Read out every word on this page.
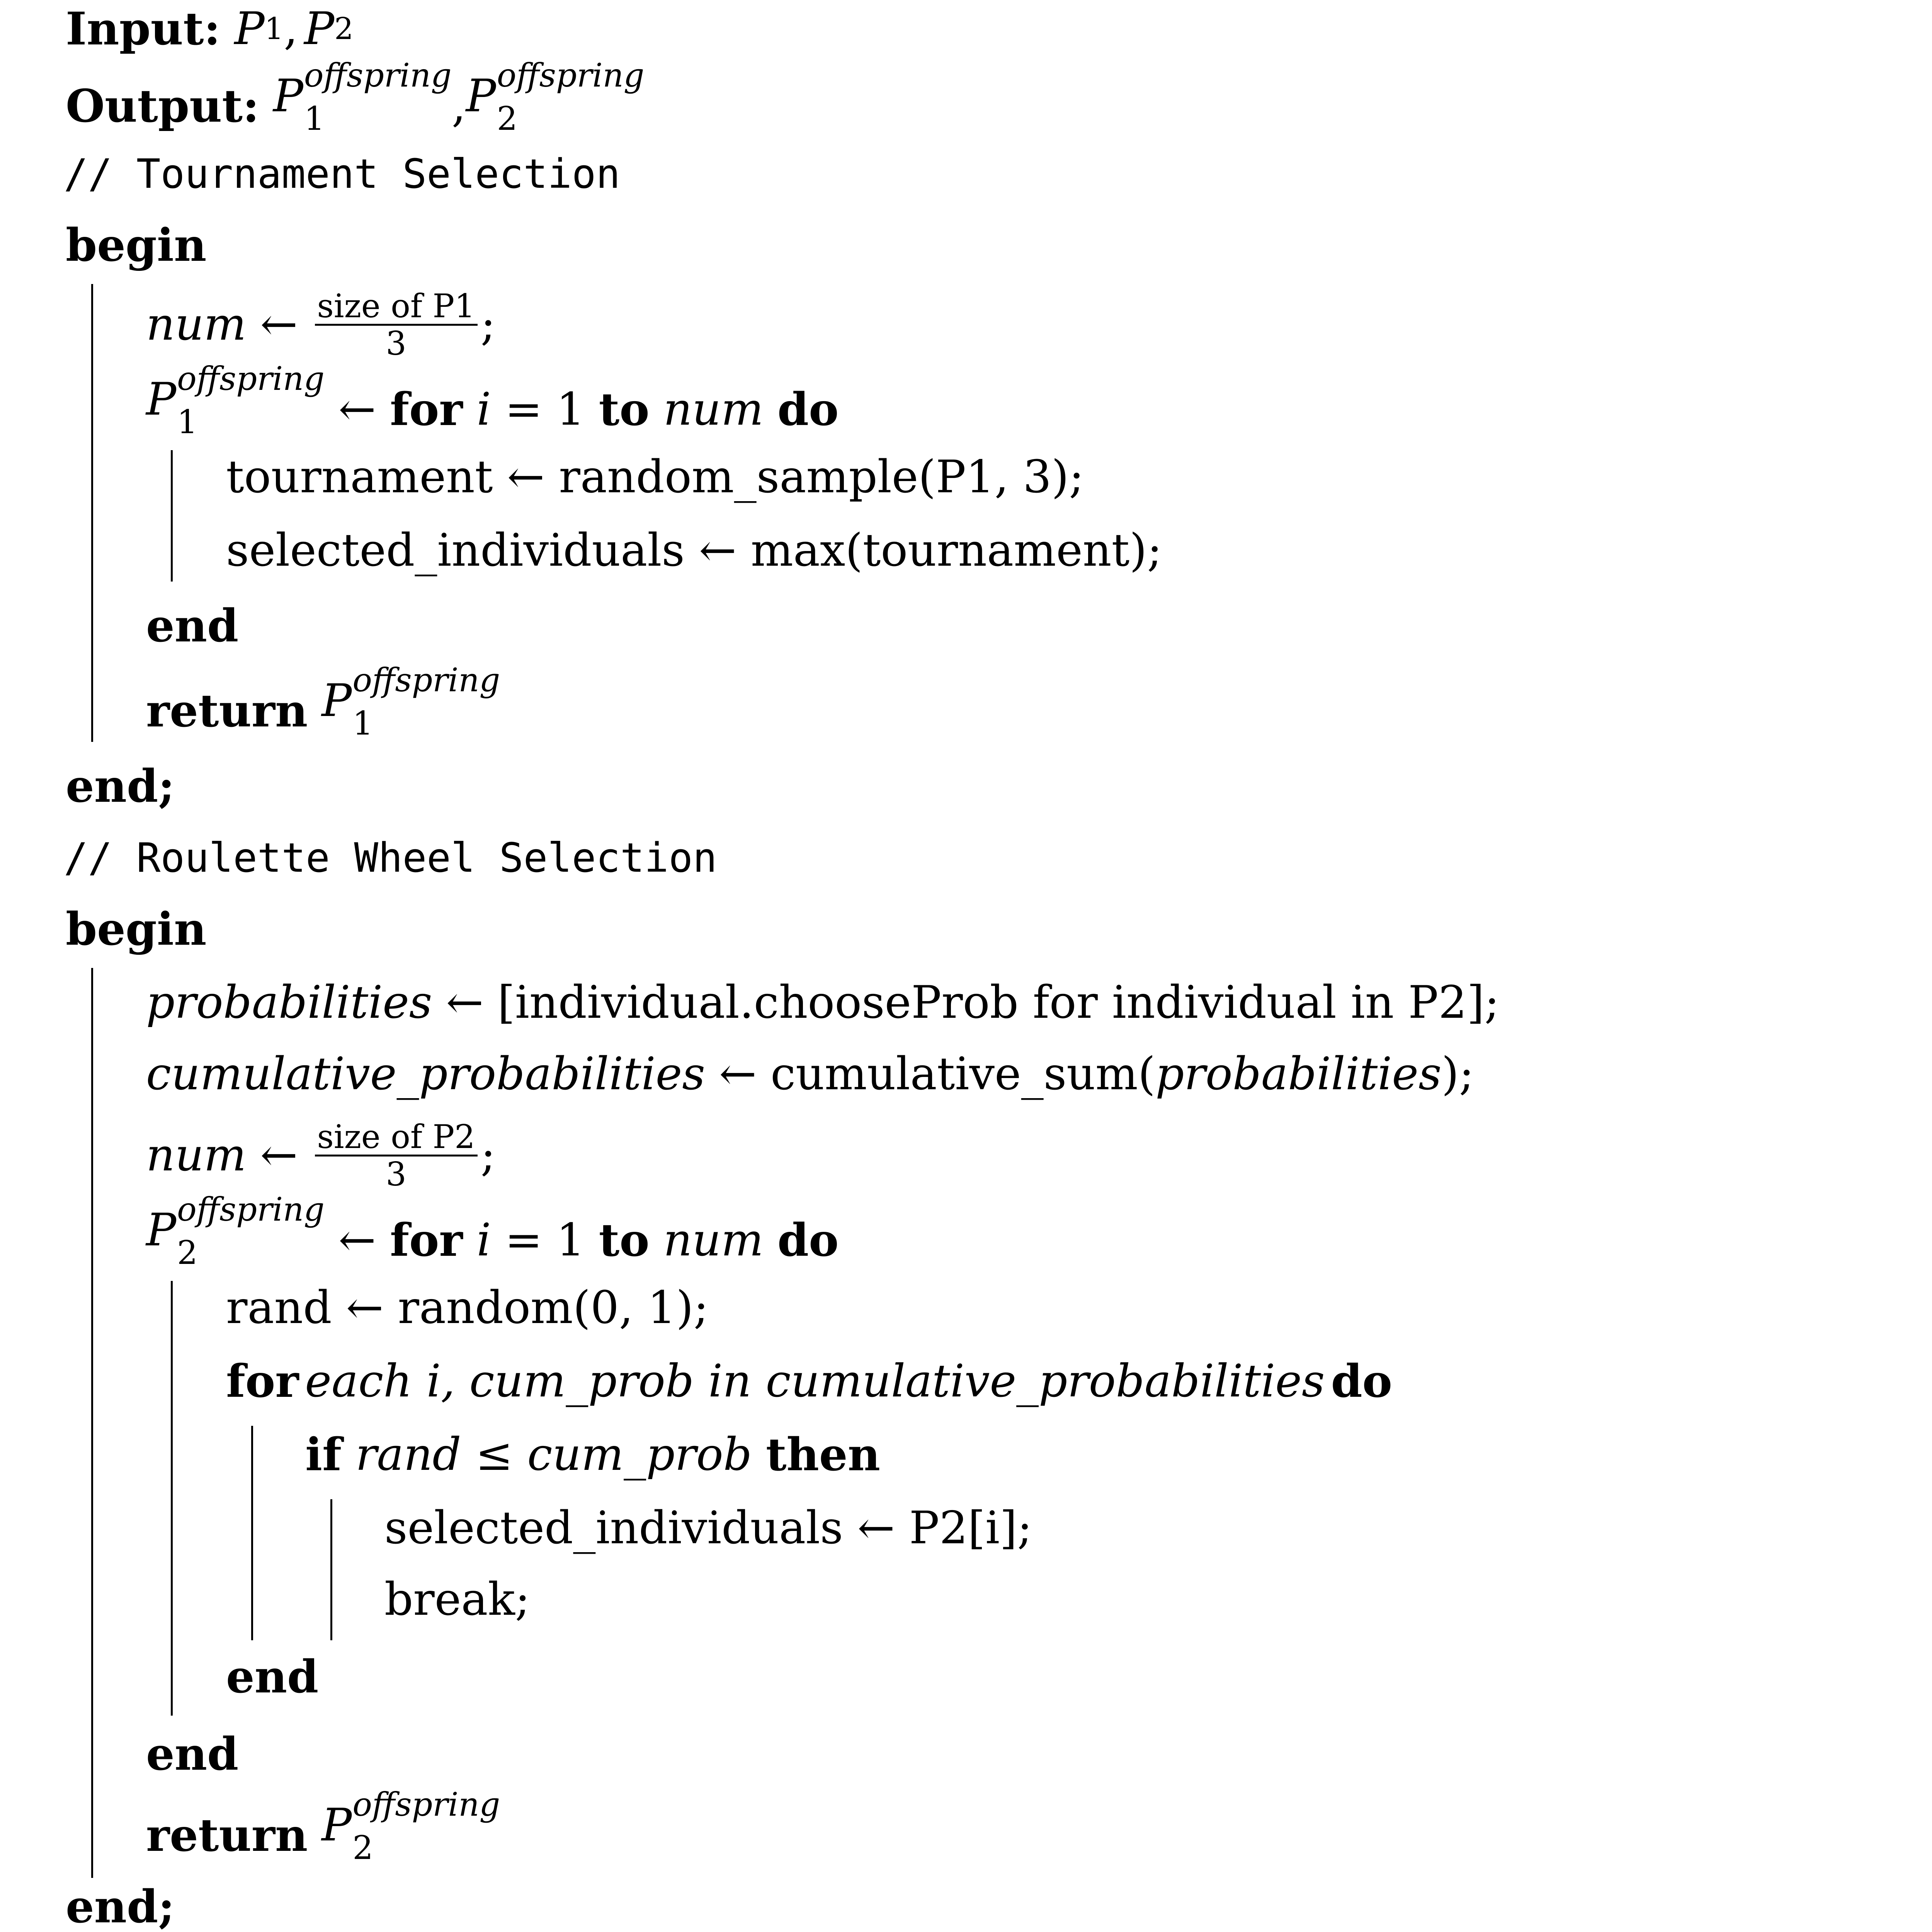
Input: P 1 , P 2
Output: P offspring
1	, P offspring
2
// Tournament Selection
begin
num ← $\frac{\text{size of P1}}{3}$ ;
P offspring
1	← for i = 1 to num do
tournament ← random_sample(P1, 3);
selected_individuals ← max(tournament);
end
return P offspring
1
end;
// Roulette Wheel Selection
begin
probabilities ← [individual.chooseProb for individual in P2];
cumulative_probabilities ← cumulative_sum( probabilities );
num ← $\frac{\text{size of P2}}{3}$ ;
P offspring
2	← for i = 1 to num do
rand ← random(0, 1);
for each i, cum_prob in cumulative_probabilities do
if rand ≤ cum_prob then
selected_individuals ← P2[i];
break;
end
end
return P offspring
2
end;
